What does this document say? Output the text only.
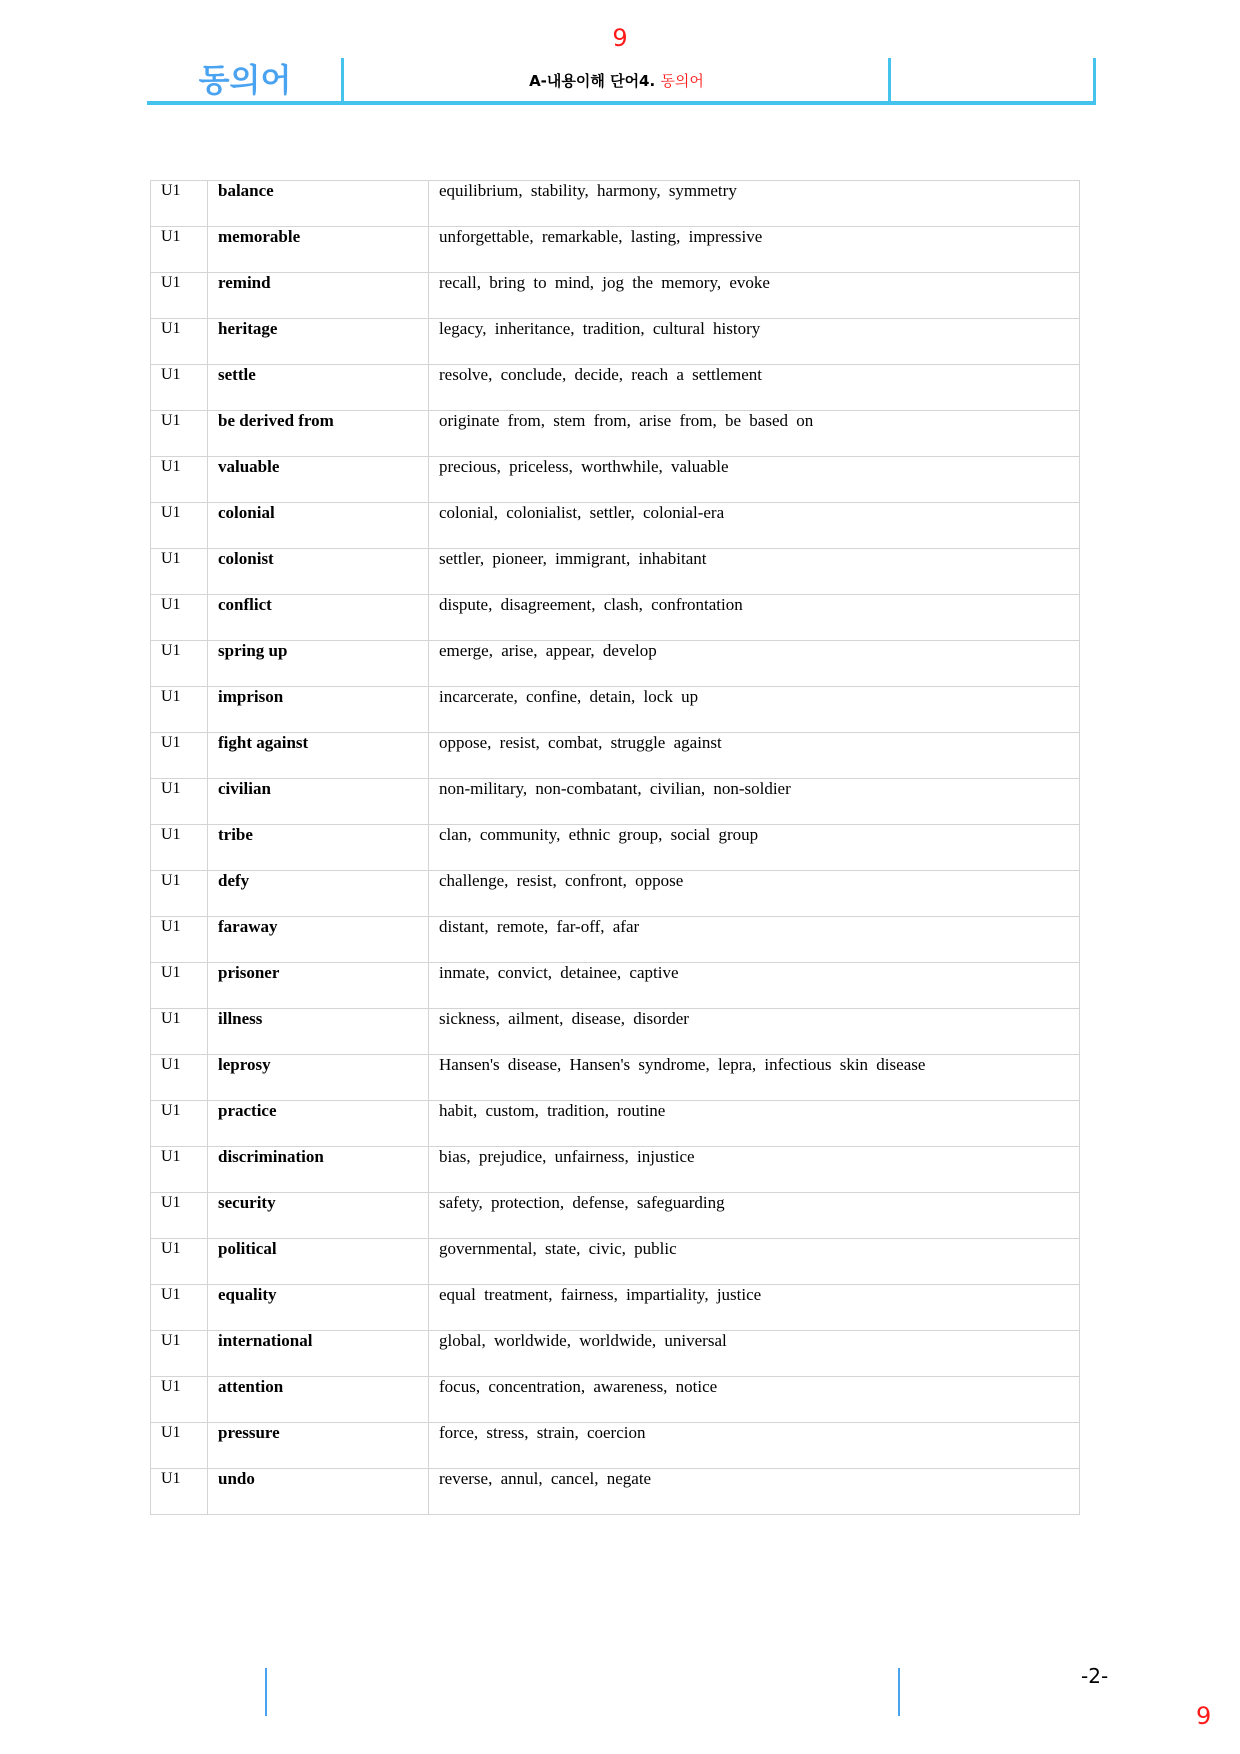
9
동의어	A-내용이해 단어4. 동의어
U1	balance	equilibrium, stability, harmony, symmetry
U1	memorable	unforgettable, remarkable, lasting, impressive
U1	remind	recall, bring to mind, jog the memory, evoke
U1	heritage	legacy, inheritance, tradition, cultural history
U1	settle	resolve, conclude, decide, reach a settlement
U1	be derived from	originate from, stem from, arise from, be based on
U1	valuable	precious, priceless, worthwhile, valuable
U1	colonial	colonial, colonialist, settler, colonial-era
U1	colonist	settler, pioneer, immigrant, inhabitant
U1	conflict	dispute, disagreement, clash, confrontation
U1	spring up	emerge, arise, appear, develop
U1	imprison	incarcerate, confine, detain, lock up
U1	fight against	oppose, resist, combat, struggle against
U1	civilian	non-military, non-combatant, civilian, non-soldier
U1	tribe	clan, community, ethnic group, social group
U1	defy	challenge, resist, confront, oppose
U1	faraway	distant, remote, far-off, afar
U1	prisoner	inmate, convict, detainee, captive
U1	illness	sickness, ailment, disease, disorder
U1	leprosy	Hansen's disease, Hansen's syndrome, lepra, infectious skin disease
U1	practice	habit, custom, tradition, routine
U1	discrimination	bias, prejudice, unfairness, injustice
U1	security	safety, protection, defense, safeguarding
U1	political	governmental, state, civic, public
U1	equality	equal treatment, fairness, impartiality, justice
U1	international	global, worldwide, worldwide, universal
U1	attention	focus, concentration, awareness, notice
U1	pressure	force, stress, strain, coercion
U1	undo	reverse, annul, cancel, negate
-2-
9
